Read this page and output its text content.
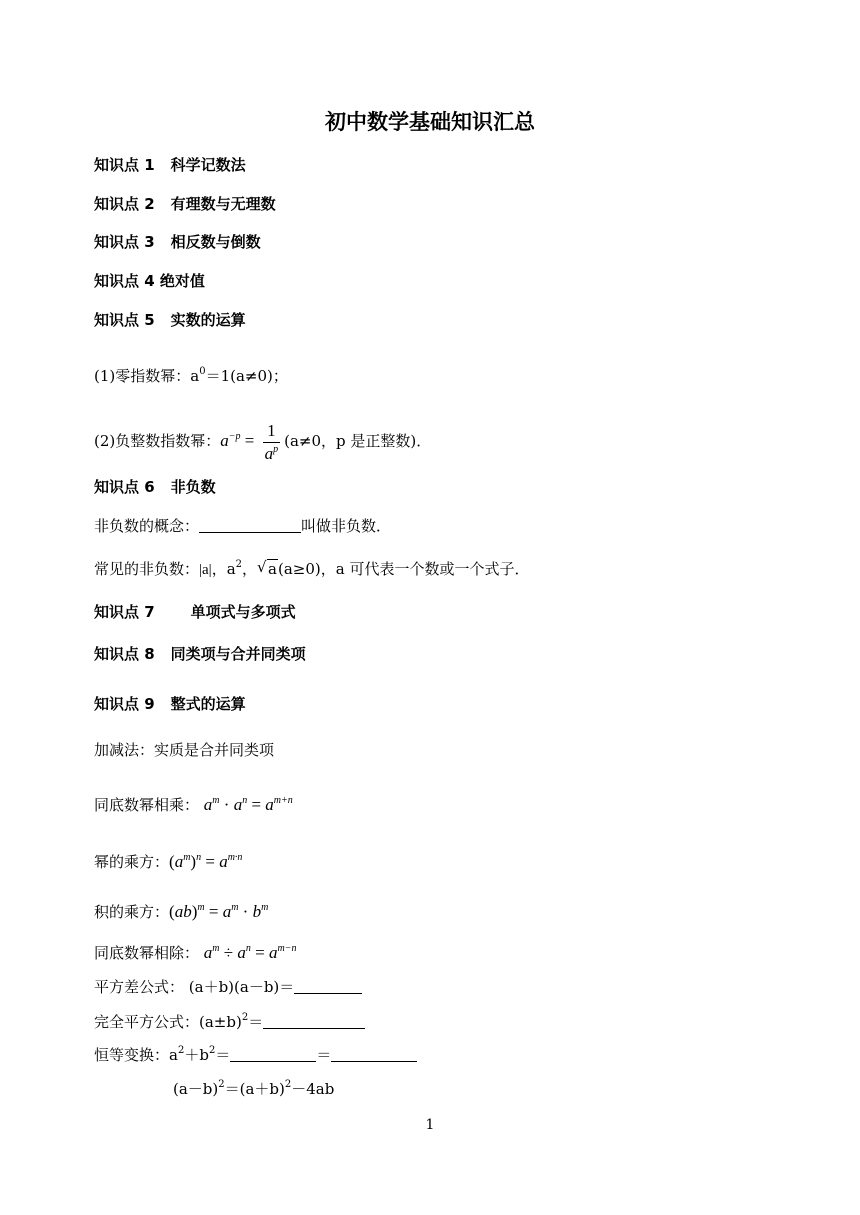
初中数学基础知识汇总
知识点 1 科学记数法
知识点 2 有理数与无理数
知识点 3 相反数与倒数
知识点 4 绝对值
知识点 5 实数的运算
(1)零指数幂：$a^0=1(a\ne 0)$；
(2)负整数指数幂：$a^{-p} = \frac{1}{a^p} (a\ne 0$，p 是正整数)．
知识点 6 非负数
非负数的概念：	叫做非负数．
常见的非负数：|a|，$a^2$，√ a(a≥0)，a 可代表一个数或一个式子．
知识点 7 单项式与多项式
知识点 8 同类项与合并同类项
知识点 9 整式的运算
加减法：实质是合并同类项
同底数幂相乘： $a^m \cdot a^n = a^{m+n}$
幂的乘方：$(a^m)^n = a^{m\cdot n}$
积的乘方：$(ab)^m = a^m \cdot b^m$
同底数幂相除： $a^m \div a^n = a^{m-n}$
平方差公式： (a＋b)(a－b)＝
完全平方公式：$(a\pm b)^2=$
恒等变换：$a^2+b^2=$	＝
$(a-b)^2=(a+b)^2-4ab$
1
